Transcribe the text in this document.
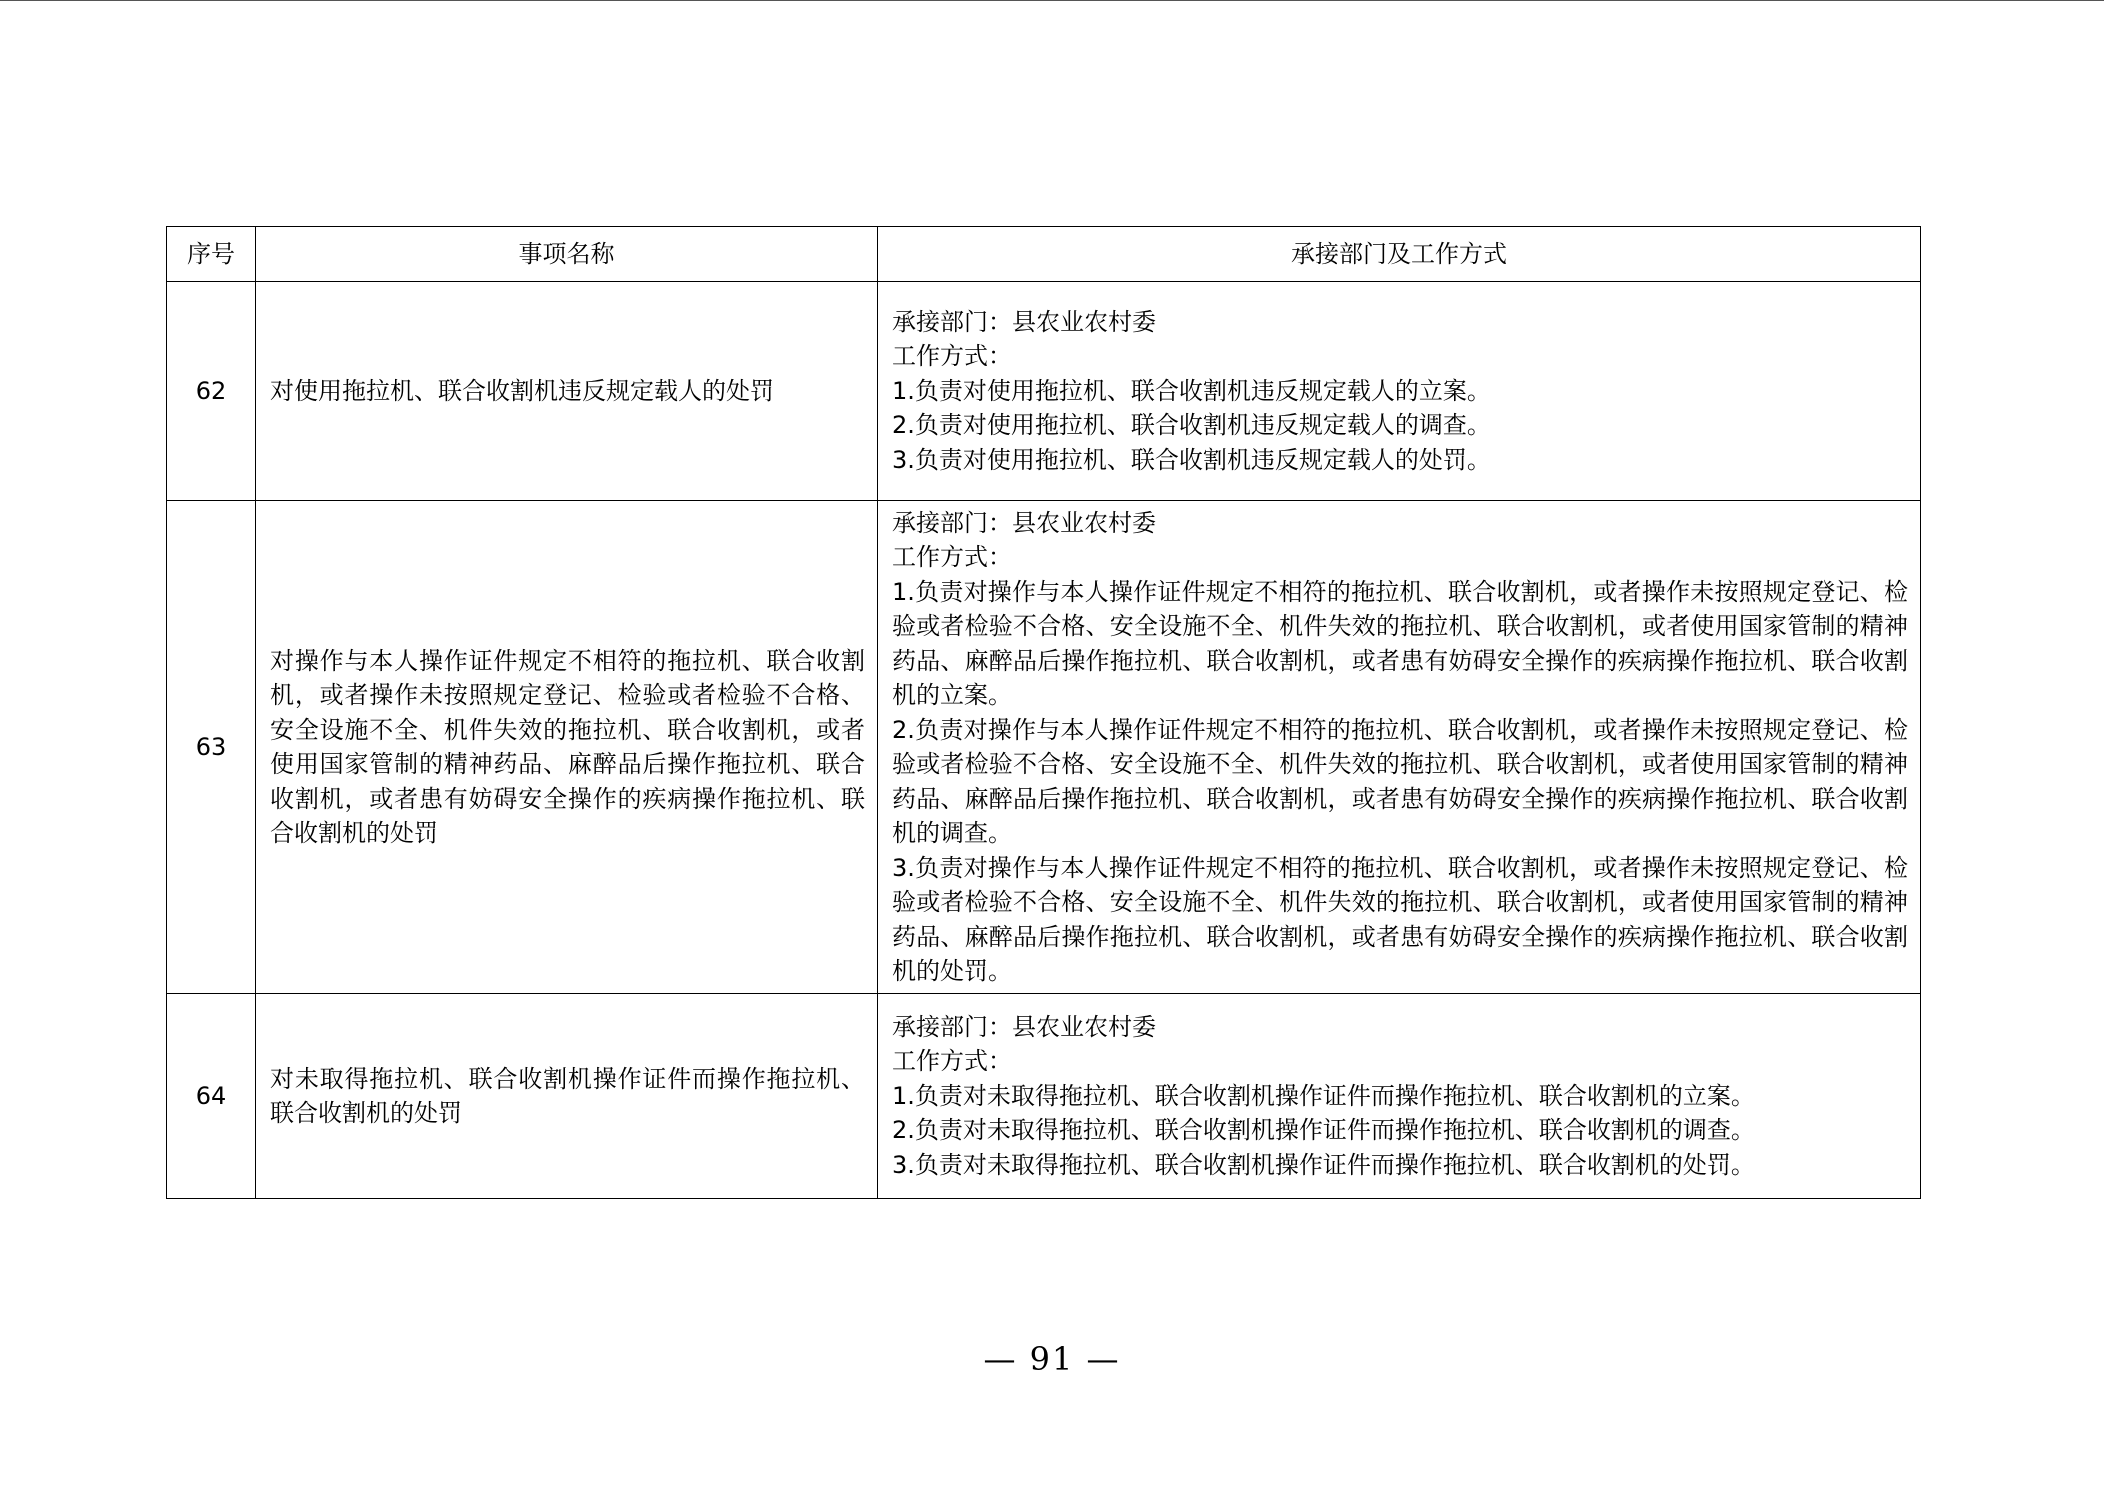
序号	事项名称	承接部门及工作方式
62	对使用拖拉机、联合收割机违反规定载人的处罚	承接部门：县农业农村委
工作方式：
1.负责对使用拖拉机、联合收割机违反规定载人的立案。
2.负责对使用拖拉机、联合收割机违反规定载人的调查。
3.负责对使用拖拉机、联合收割机违反规定载人的处罚。

63	对操作与本人操作证件规定不相符的拖拉机、联合收割机，或者操作未按照规定登记、检验或者检验不合格、安全设施不全、机件失效的拖拉机、联合收割机，或者使用国家管制的精神药品、麻醉品后操作拖拉机、联合收割机，或者患有妨碍安全操作的疾病操作拖拉机、联合收割机的处罚	承接部门：县农业农村委
工作方式：
1.负责对操作与本人操作证件规定不相符的拖拉机、联合收割机，或者操作未按照规定登记、检验或者检验不合格、安全设施不全、机件失效的拖拉机、联合收割机，或者使用国家管制的精神药品、麻醉品后操作拖拉机、联合收割机，或者患有妨碍安全操作的疾病操作拖拉机、联合收割机的立案。
2.负责对操作与本人操作证件规定不相符的拖拉机、联合收割机，或者操作未按照规定登记、检验或者检验不合格、安全设施不全、机件失效的拖拉机、联合收割机，或者使用国家管制的精神药品、麻醉品后操作拖拉机、联合收割机，或者患有妨碍安全操作的疾病操作拖拉机、联合收割机的调查。
3.负责对操作与本人操作证件规定不相符的拖拉机、联合收割机，或者操作未按照规定登记、检验或者检验不合格、安全设施不全、机件失效的拖拉机、联合收割机，或者使用国家管制的精神药品、麻醉品后操作拖拉机、联合收割机，或者患有妨碍安全操作的疾病操作拖拉机、联合收割机的处罚。

64	对未取得拖拉机、联合收割机操作证件而操作拖拉机、联合收割机的处罚	承接部门：县农业农村委
工作方式：
1.负责对未取得拖拉机、联合收割机操作证件而操作拖拉机、联合收割机的立案。
2.负责对未取得拖拉机、联合收割机操作证件而操作拖拉机、联合收割机的调查。
3.负责对未取得拖拉机、联合收割机操作证件而操作拖拉机、联合收割机的处罚。
— 91 —
